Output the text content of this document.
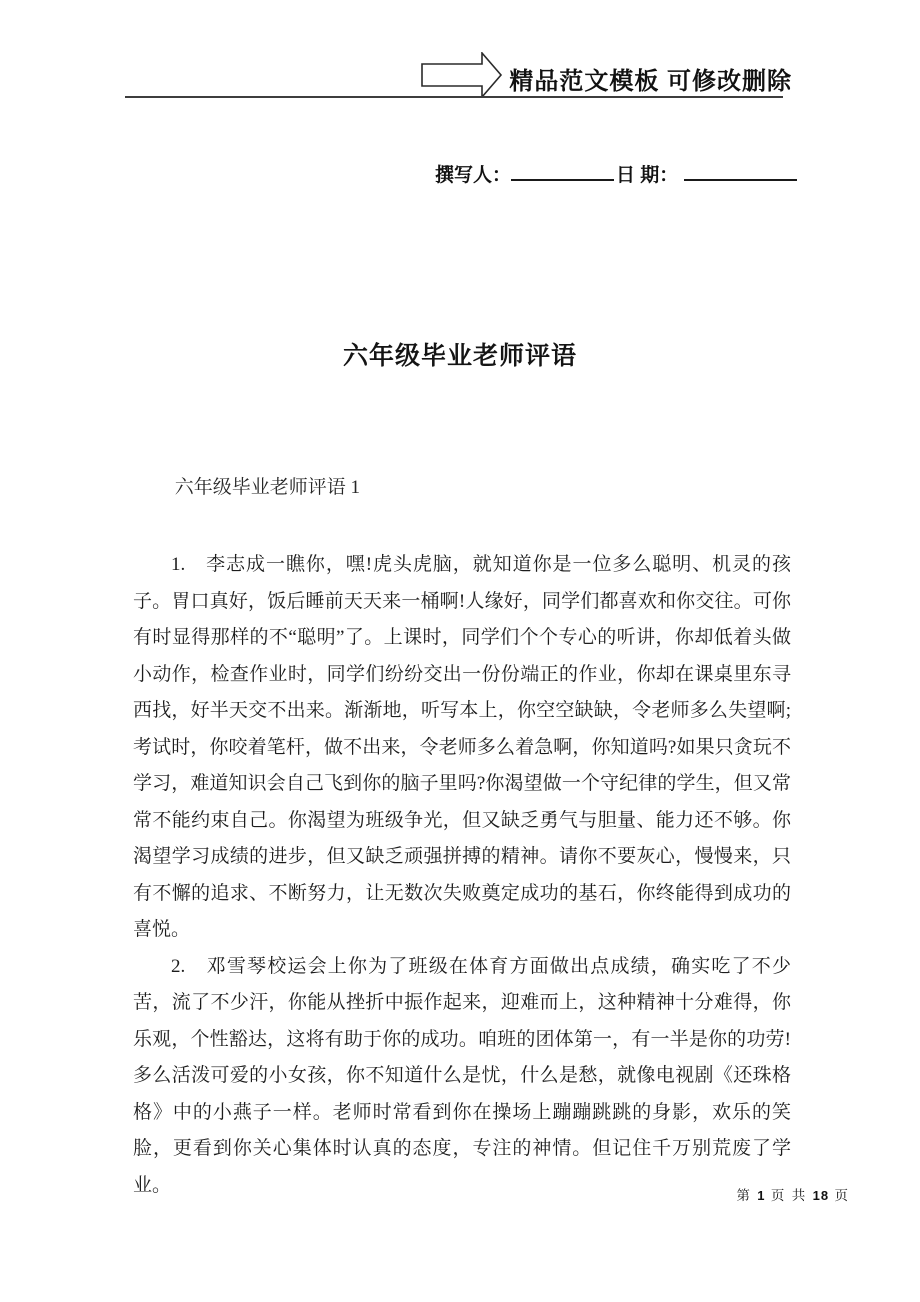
精品范文模板 可修改删除
撰写人：	日 期：
六年级毕业老师评语
六年级毕业老师评语 1

1.　李志成一瞧你，嘿!虎头虎脑，就知道你是一位多么聪明、机灵的孩子。胃口真好，饭后睡前天天来一桶啊!人缘好，同学们都喜欢和你交往。可你有时显得那样的不“聪明”了。上课时，同学们个个专心的听讲，你却低着头做小动作，检查作业时，同学们纷纷交出一份份端正的作业，你却在课桌里东寻西找，好半天交不出来。渐渐地，听写本上，你空空缺缺，令老师多么失望啊;考试时，你咬着笔杆，做不出来，令老师多么着急啊，你知道吗?如果只贪玩不学习，难道知识会自己飞到你的脑子里吗?你渴望做一个守纪律的学生，但又常常不能约束自己。你渴望为班级争光，但又缺乏勇气与胆量、能力还不够。你渴望学习成绩的进步，但又缺乏顽强拼搏的精神。请你不要灰心，慢慢来，只有不懈的追求、不断努力，让无数次失败奠定成功的基石，你终能得到成功的喜悦。

2.　邓雪琴校运会上你为了班级在体育方面做出点成绩，确实吃了不少苦，流了不少汗，你能从挫折中振作起来，迎难而上，这种精神十分难得，你乐观，个性豁达，这将有助于你的成功。咱班的团体第一，有一半是你的功劳!多么活泼可爱的小女孩，你不知道什么是忧，什么是愁，就像电视剧《还珠格格》中的小燕子一样。老师时常看到你在操场上蹦蹦跳跳的身影，欢乐的笑脸，更看到你关心集体时认真的态度，专注的神情。但记住千万别荒废了学业。	第 1 页 共 18 页
